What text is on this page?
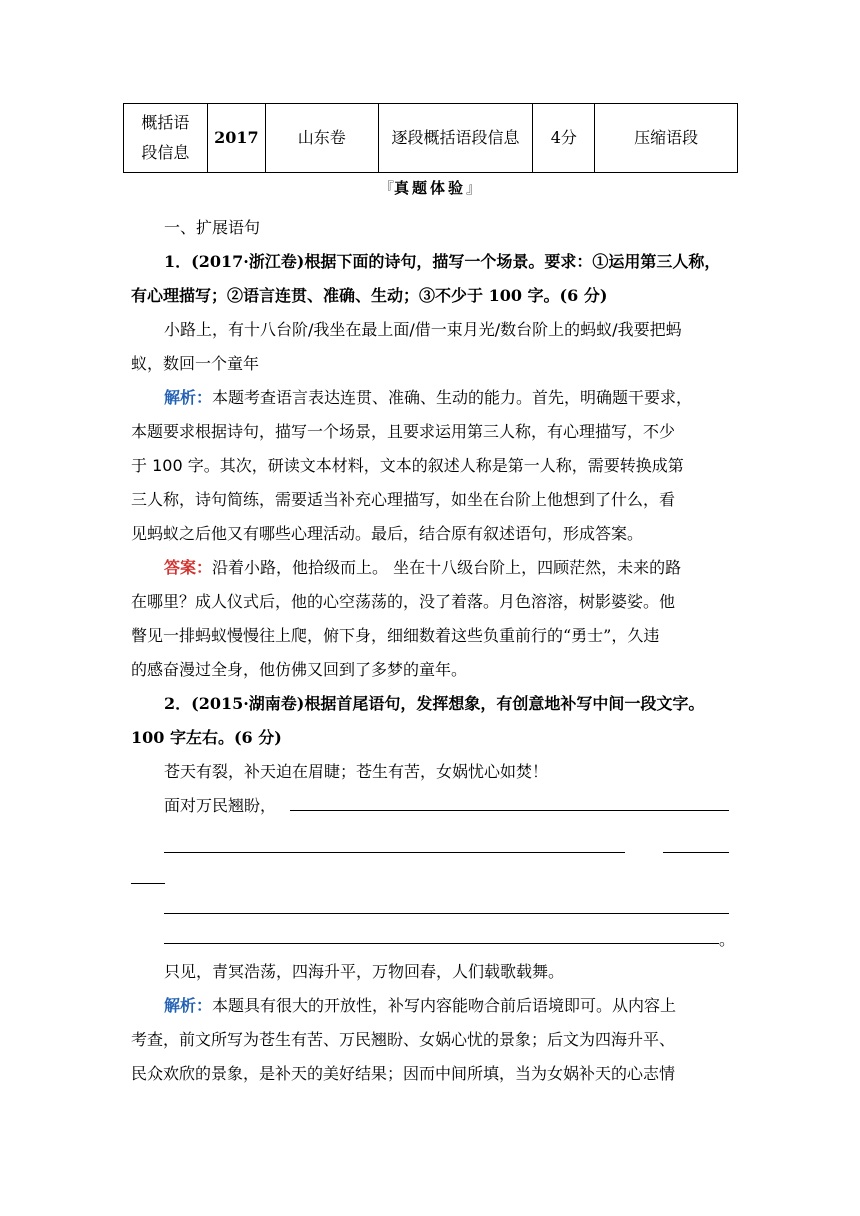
概括语
段信息
	2017	山东卷	逐段概括语段信息	4分	压缩语段
『真题体验』
一、扩展语句
1．(2017·浙江卷)根据下面的诗句，描写一个场景。要求：①运用第三人称，
有心理描写；②语言连贯、准确、生动；③不少于 100 字。(6 分)
小路上，有十八台阶/我坐在最上面/借一束月光/数台阶上的蚂蚁/我要把蚂
蚁，数回一个童年
解析：本题考查语言表达连贯、准确、生动的能力。首先，明确题干要求，
本题要求根据诗句，描写一个场景，且要求运用第三人称，有心理描写，不少
于 100 字。其次，研读文本材料，文本的叙述人称是第一人称，需要转换成第
三人称，诗句简练，需要适当补充心理描写，如坐在台阶上他想到了什么，看
见蚂蚁之后他又有哪些心理活动。最后，结合原有叙述语句，形成答案。
答案：沿着小路，他拾级而上。 坐在十八级台阶上，四顾茫然，未来的路
在哪里？成人仪式后，他的心空荡荡的，没了着落。月色溶溶，树影婆娑。他
瞥见一排蚂蚁慢慢往上爬，俯下身，细细数着这些负重前行的“勇士”，久违
的感奋漫过全身，他仿佛又回到了多梦的童年。
2．(2015·湖南卷)根据首尾语句，发挥想象，有创意地补写中间一段文字。
100 字左右。(6 分)
苍天有裂，补天迫在眉睫；苍生有苦，女娲忧心如焚！
面对万民翘盼，
。
只见，青冥浩荡，四海升平，万物回春，人们载歌载舞。
解析：本题具有很大的开放性，补写内容能吻合前后语境即可。从内容上
考查，前文所写为苍生有苦、万民翘盼、女娲心忧的景象；后文为四海升平、
民众欢欣的景象，是补天的美好结果；因而中间所填，当为女娲补天的心志情
